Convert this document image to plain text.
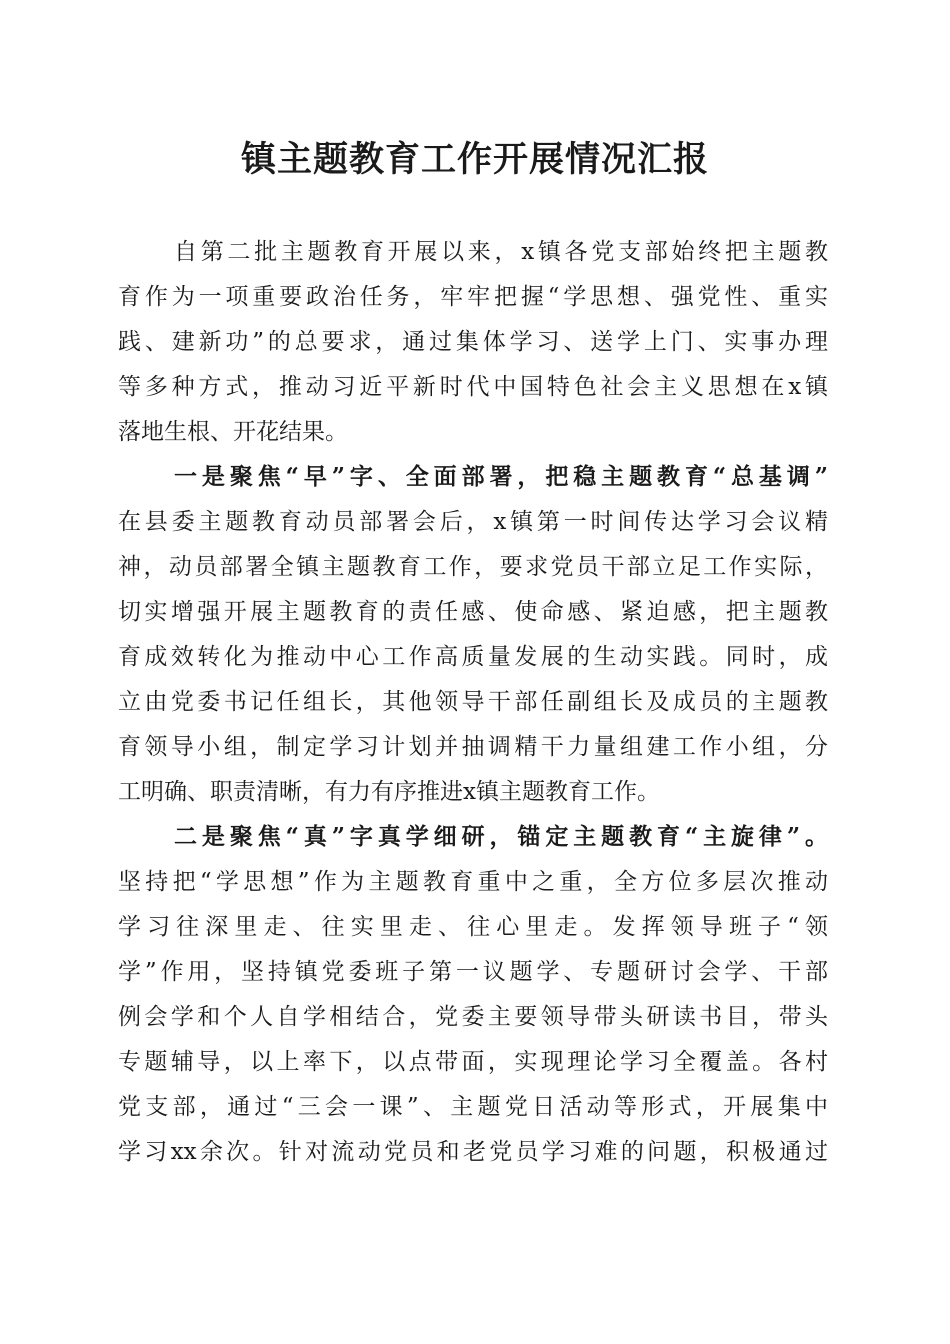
镇主题教育工作开展情况汇报
自第二批主题教育开展以来，x镇各党支部始终把主题教
育作为一项重要政治任务，牢牢把握“学思想、强党性、重实
践、建新功”的总要求，通过集体学习、送学上门、实事办理
等多种方式，推动习近平新时代中国特色社会主义思想在x镇
落地生根、开花结果。
一是聚焦“早”字、全面部署，把稳主题教育“总基调”
在县委主题教育动员部署会后，x镇第一时间传达学习会议精
神，动员部署全镇主题教育工作，要求党员干部立足工作实际，
切实增强开展主题教育的责任感、使命感、紧迫感，把主题教
育成效转化为推动中心工作高质量发展的生动实践。同时，成
立由党委书记任组长，其他领导干部任副组长及成员的主题教
育领导小组，制定学习计划并抽调精干力量组建工作小组，分
工明确、职责清晰，有力有序推进x镇主题教育工作。
二是聚焦“真”字真学细研，锚定主题教育“主旋律”。
坚持把“学思想”作为主题教育重中之重，全方位多层次推动
学习往深里走、往实里走、往心里走。发挥领导班子“领
学”作用，坚持镇党委班子第一议题学、专题研讨会学、干部
例会学和个人自学相结合，党委主要领导带头研读书目，带头
专题辅导，以上率下，以点带面，实现理论学习全覆盖。各村
党支部，通过“三会一课”、主题党日活动等形式，开展集中
学习xx余次。针对流动党员和老党员学习难的问题，积极通过
